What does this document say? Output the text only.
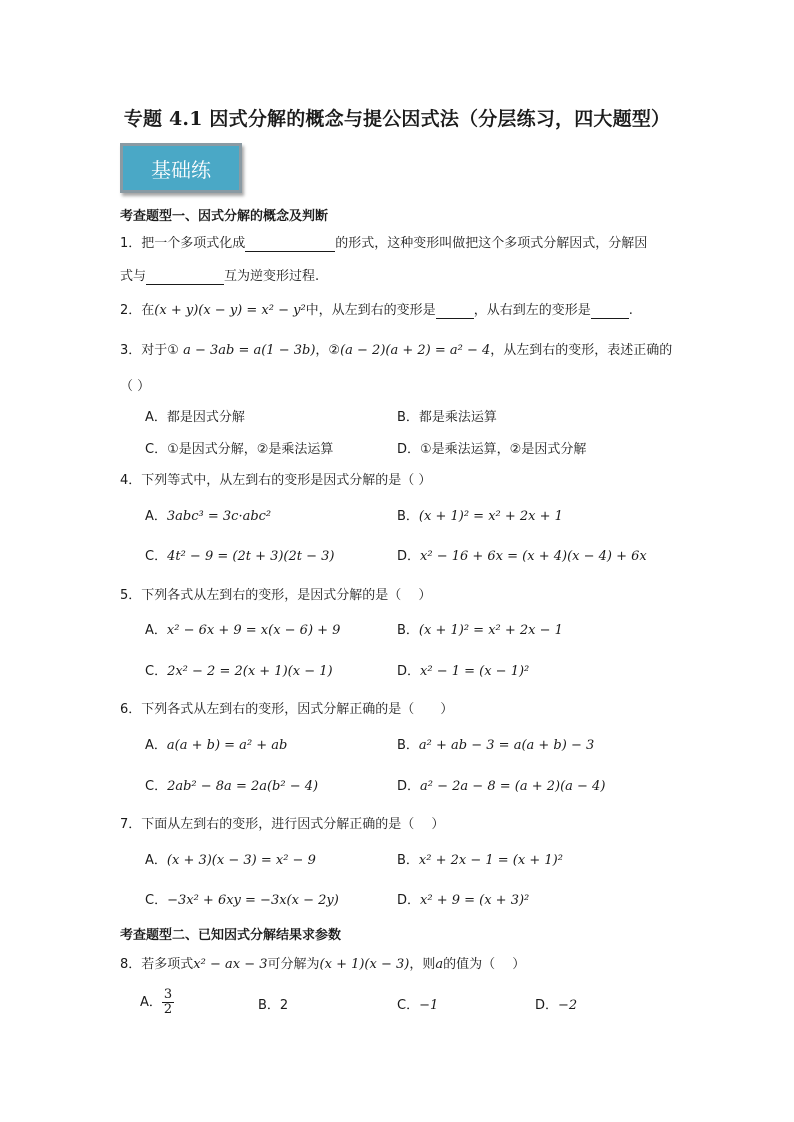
专题 4.1 因式分解的概念与提公因式法（分层练习，四大题型）
基础练
考查题型一、因式分解的概念及判断
1．把一个多项式化成	的形式，这种变形叫做把这个多项式分解因式，分解因
式与	互为逆变形过程.
2．在(x + y)(x − y) = x² − y²中，从左到右的变形是	，从右到左的变形是	.
3．对于① a − 3ab = a(1 − 3b)，②(a − 2)(a + 2) = a² − 4，从左到右的变形，表述正确的
（ ）
A．都是因式分解	B．都是乘法运算
C．①是因式分解，②是乘法运算	D．①是乘法运算，②是因式分解
4．下列等式中，从左到右的变形是因式分解的是（ ）
A．3abc³ = 3c·abc²	B．(x + 1)² = x² + 2x + 1
C．4t² − 9 = (2t + 3)(2t − 3)	D．x² − 16 + 6x = (x + 4)(x − 4) + 6x
5．下列各式从左到右的变形，是因式分解的是（　 ）
A．x² − 6x + 9 = x(x − 6) + 9	B．(x + 1)² = x² + 2x − 1
C．2x² − 2 = 2(x + 1)(x − 1)	D．x² − 1 = (x − 1)²
6．下列各式从左到右的变形，因式分解正确的是（　　）
A．a(a + b) = a² + ab	B．a² + ab − 3 = a(a + b) − 3
C．2ab² − 8a = 2a(b² − 4)	D．a² − 2a − 8 = (a + 2)(a − 4)
7．下面从左到右的变形，进行因式分解正确的是（　 ）
A．(x + 3)(x − 3) = x² − 9	B．x² + 2x − 1 = (x + 1)²
C．−3x² + 6xy = −3x(x − 2y)	D．x² + 9 = (x + 3)²
考查题型二、已知因式分解结果求参数
8．若多项式x² − ax − 3可分解为(x + 1)(x − 3)，则a的值为（　 ）
A． $\frac{3}{2}$	B．2	C．−1	D．−2
